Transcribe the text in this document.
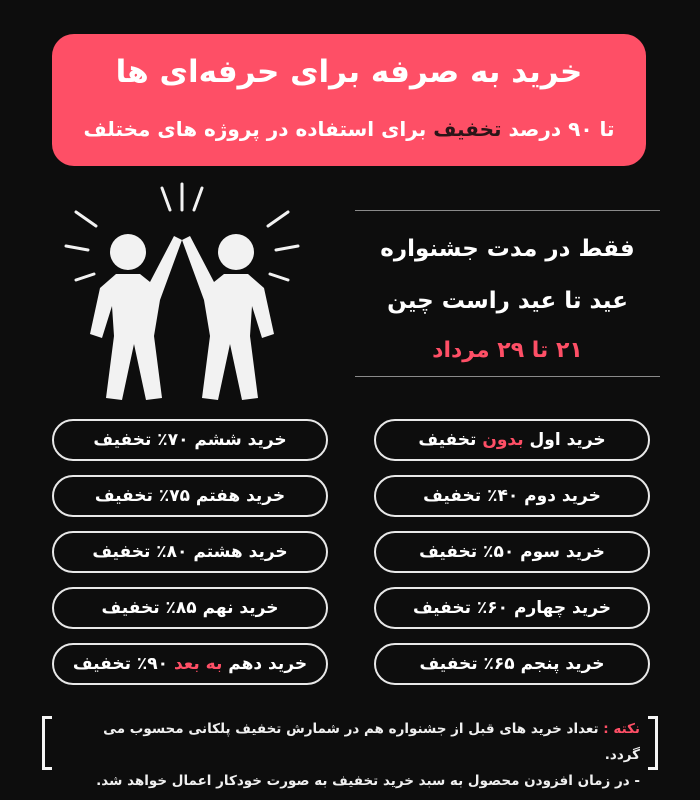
خرید به صرفه برای حرفه‌ای ها
تا ۹۰ درصد تخفیف برای استفاده در پروژه های مختلف
فقط در مدت جشنواره
عید تا عید راست چین
۲۱ تا ۲۹ مرداد
خرید اول بدون تخفیف
خرید دوم ۴۰٪ تخفیف
خرید سوم ۵۰٪ تخفیف
خرید چهارم ۶۰٪ تخفیف
خرید پنجم ۶۵٪ تخفیف
خرید ششم ۷۰٪ تخفیف
خرید هفتم ۷۵٪ تخفیف
خرید هشتم ۸۰٪ تخفیف
خرید نهم ۸۵٪ تخفیف
خرید دهم به بعد ۹۰٪ تخفیف
نکته : تعداد خرید های قبل از جشنواره هم در شمارش تخفیف پلکانی محسوب می گردد.
- در زمان افزودن محصول به سبد خرید تخفیف به صورت خودکار اعمال خواهد شد.
